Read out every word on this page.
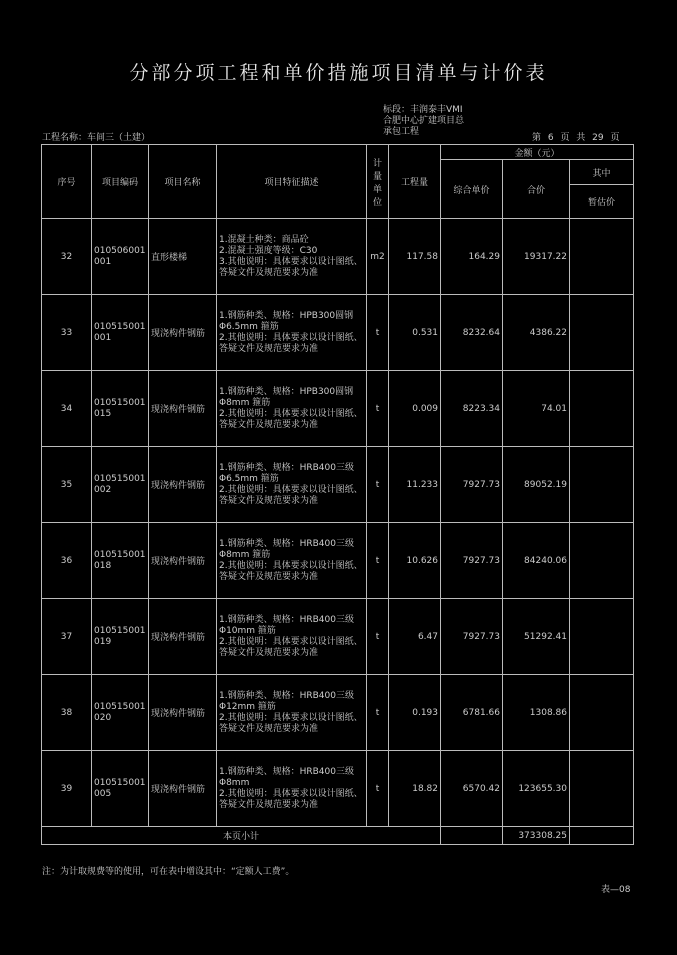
分部分项工程和单价措施项目清单与计价表
标段：丰润泰丰VMI
合肥中心扩建项目总
承包工程
工程名称：车间三（土建）	第 6 页 共 29 页
序号	项目编码	项目名称	项目特征描述	计量单位	工程量	金额（元）		
						综合单价	合价	其中
								暂估价
32	010506001001	直形楼梯	1.混凝土种类：商品砼
2.混凝土强度等级：C30
3.其他说明：具体要求以设计图纸、答疑文件及规范要求为准	m2	117.58	164.29	19317.22	
33	010515001001	现浇构件钢筋	1.钢筋种类、规格：HPB300圆钢Φ6.5mm 箍筋
2.其他说明：具体要求以设计图纸、答疑文件及规范要求为准	t	0.531	8232.64	4386.22	
34	010515001015	现浇构件钢筋	1.钢筋种类、规格：HPB300圆钢Φ8mm 箍筋
2.其他说明：具体要求以设计图纸、答疑文件及规范要求为准	t	0.009	8223.34	74.01	
35	010515001002	现浇构件钢筋	1.钢筋种类、规格：HRB400三级Φ6.5mm 箍筋
2.其他说明：具体要求以设计图纸、答疑文件及规范要求为准	t	11.233	7927.73	89052.19	
36	010515001018	现浇构件钢筋	1.钢筋种类、规格：HRB400三级Φ8mm 箍筋
2.其他说明：具体要求以设计图纸、答疑文件及规范要求为准	t	10.626	7927.73	84240.06	
37	010515001019	现浇构件钢筋	1.钢筋种类、规格：HRB400三级Φ10mm 箍筋
2.其他说明：具体要求以设计图纸、答疑文件及规范要求为准	t	6.47	7927.73	51292.41	
38	010515001020	现浇构件钢筋	1.钢筋种类、规格：HRB400三级Φ12mm 箍筋
2.其他说明：具体要求以设计图纸、答疑文件及规范要求为准	t	0.193	6781.66	1308.86	
39	010515001005	现浇构件钢筋	1.钢筋种类、规格：HRB400三级Φ8mm
2.其他说明：具体要求以设计图纸、答疑文件及规范要求为准	t	18.82	6570.42	123655.30	
本页小计							373308.25	
注：为计取规费等的使用，可在表中增设其中：“定额人工费”。
表—08
